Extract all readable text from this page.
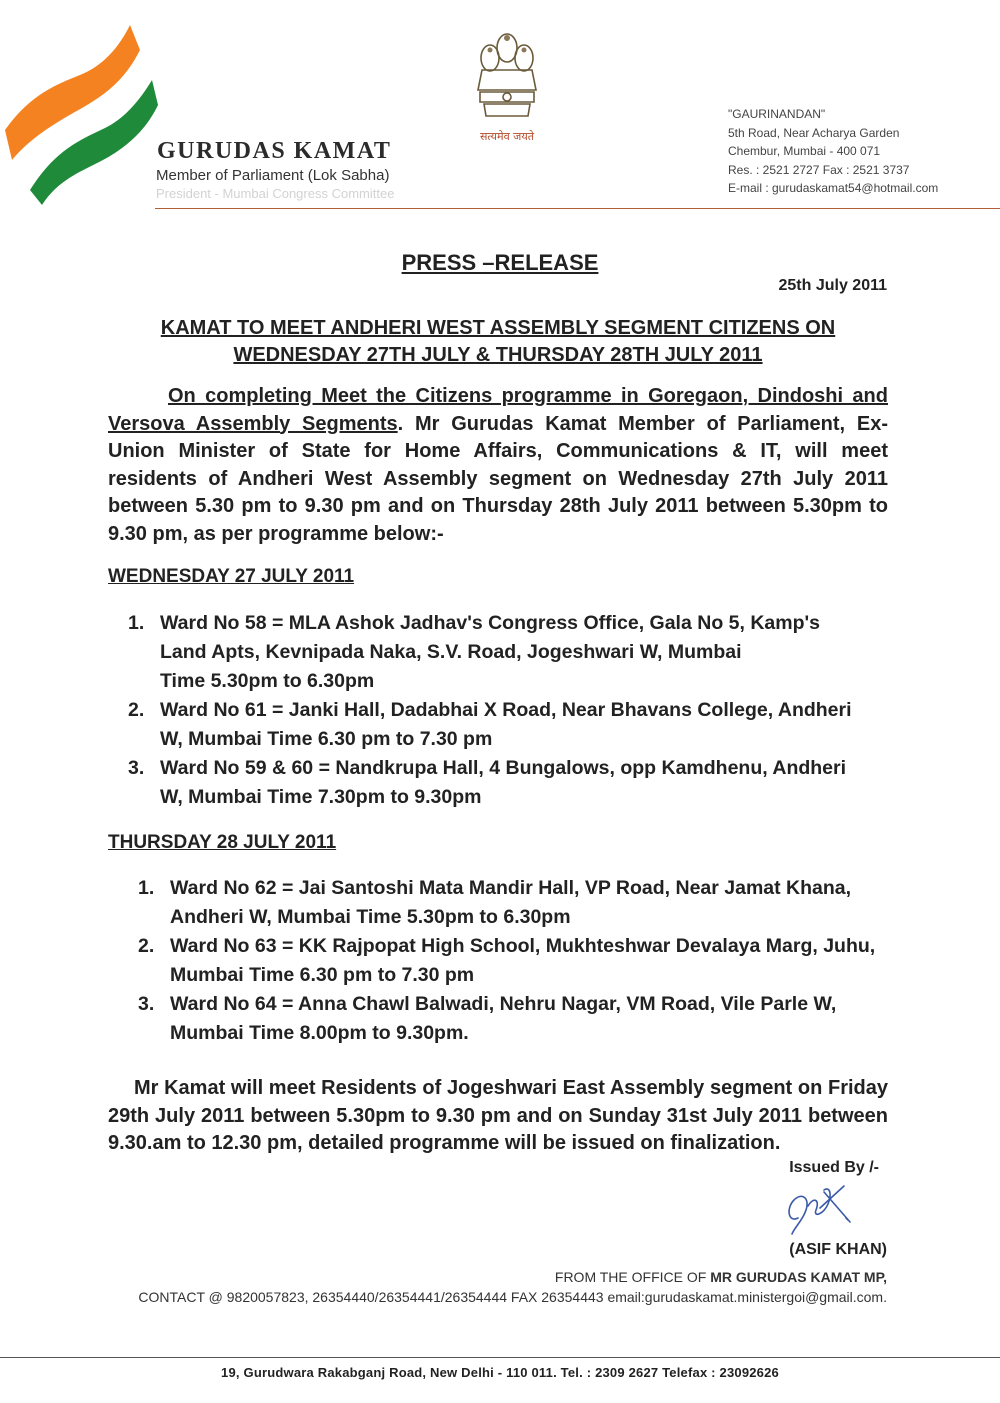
सत्यमेव जयते
GURUDAS KAMAT
Member of Parliament (Lok Sabha)
President - Mumbai Congress Committee
"GAURINANDAN"
5th Road, Near Acharya Garden
Chembur, Mumbai - 400 071
Res. : 2521 2727 Fax : 2521 3737
E-mail : gurudaskamat54@hotmail.com
PRESS –RELEASE
25th July 2011
KAMAT TO MEET ANDHERI WEST ASSEMBLY SEGMENT CITIZENS ON
WEDNESDAY 27TH JULY & THURSDAY 28TH JULY 2011

On completing Meet the Citizens programme in Goregaon, Dindoshi and Versova Assembly Segments. Mr Gurudas Kamat Member of Parliament, Ex- Union Minister of State for Home Affairs, Communications & IT, will meet residents of Andheri West Assembly segment on Wednesday 27th July 2011 between 5.30 pm to 9.30 pm and on Thursday 28th July 2011 between 5.30pm to 9.30 pm, as per programme below:-

WEDNESDAY 27 JULY 2011
1. Ward No 58 = MLA Ashok Jadhav's Congress Office, Gala No 5, Kamp's Land Apts, Kevnipada Naka, S.V. Road, Jogeshwari W, Mumbai
Time 5.30pm to 6.30pm
2. Ward No 61 = Janki Hall, Dadabhai X Road, Near Bhavans College, Andheri W, Mumbai Time 6.30 pm to 7.30 pm
3. Ward No 59 & 60 = Nandkrupa Hall, 4 Bungalows, opp Kamdhenu, Andheri W, Mumbai Time 7.30pm to 9.30pm
THURSDAY 28 JULY 2011
1. Ward No 62 = Jai Santoshi Mata Mandir Hall, VP Road, Near Jamat Khana, Andheri W, Mumbai Time 5.30pm to 6.30pm
2. Ward No 63 = KK Rajpopat High School, Mukhteshwar Devalaya Marg, Juhu, Mumbai Time 6.30 pm to 7.30 pm
3. Ward No 64 = Anna Chawl Balwadi, Nehru Nagar, VM Road, Vile Parle W, Mumbai Time 8.00pm to 9.30pm.

Mr Kamat will meet Residents of Jogeshwari East Assembly segment on Friday 29th July 2011 between 5.30pm to 9.30 pm and on Sunday 31st July 2011 between 9.30.am to 12.30 pm, detailed programme will be issued on finalization.

Issued By /-
(ASIF KHAN)
FROM THE OFFICE OF MR GURUDAS KAMAT MP,
CONTACT @ 9820057823, 26354440/26354441/26354444 FAX 26354443 email:gurudaskamat.ministergoi@gmail.com.
19, Gurudwara Rakabganj Road, New Delhi - 110 011. Tel. : 2309 2627 Telefax : 23092626
